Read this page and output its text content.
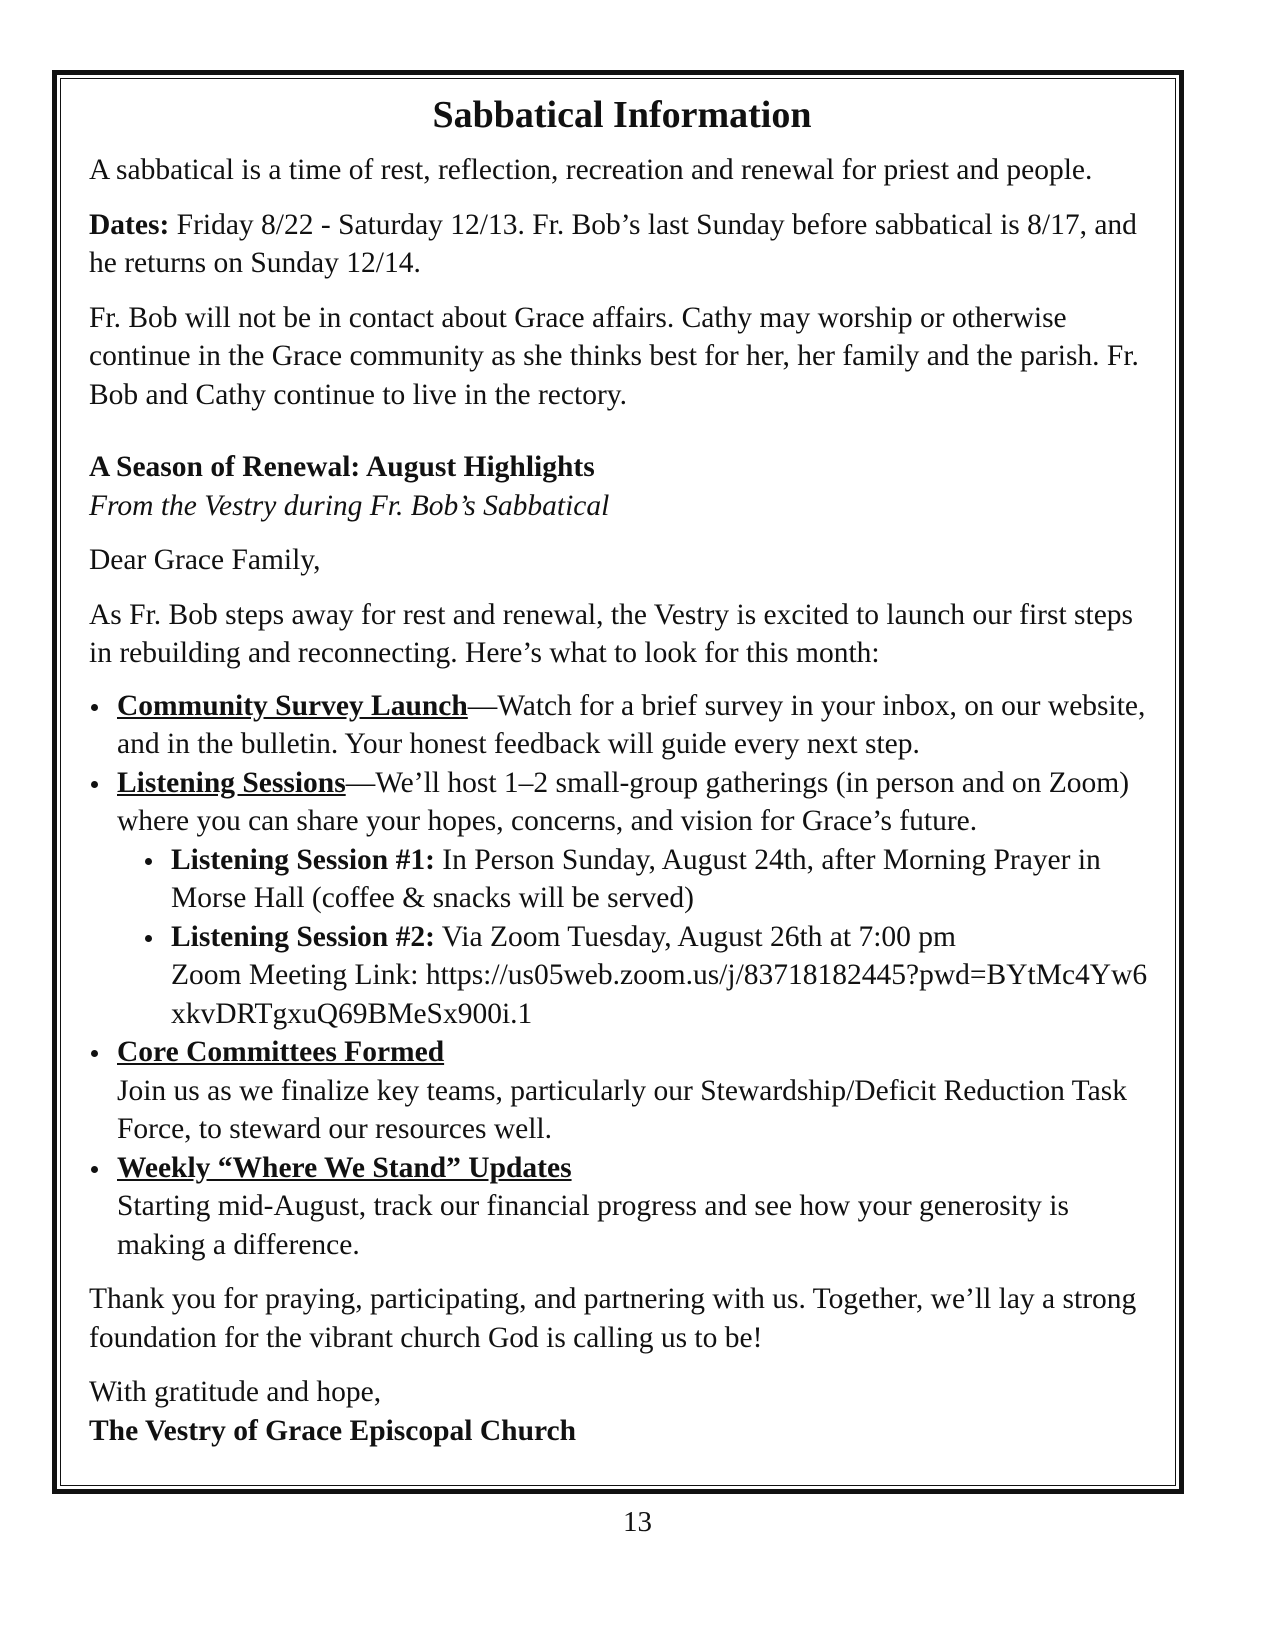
Sabbatical Information

A sabbatical is a time of rest, reflection, recreation and renewal for priest and people.

Dates: Friday 8/22 - Saturday 12/13. Fr. Bob’s last Sunday before sabbatical is 8/17, and he returns on Sunday 12/14.

Fr. Bob will not be in contact about Grace affairs. Cathy may worship or otherwise continue in the Grace community as she thinks best for her, her family and the parish. Fr. Bob and Cathy continue to live in the rectory.

A Season of Renewal: August Highlights

From the Vestry during Fr. Bob’s Sabbatical

Dear Grace Family,

As Fr. Bob steps away for rest and renewal, the Vestry is excited to launch our first steps in rebuilding and reconnecting. Here’s what to look for this month:

Community Survey Launch—Watch for a brief survey in your inbox, on our website, and in the bulletin. Your honest feedback will guide every next step.
Listening Sessions—We’ll host 1–2 small-group gatherings (in person and on Zoom) where you can share your hopes, concerns, and vision for Grace’s future.
Listening Session #1: In Person Sunday, August 24th, after Morning Prayer in Morse Hall (coffee & snacks will be served)
Listening Session #2: Via Zoom Tuesday, August 26th at 7:00 pm
Zoom Meeting Link: https://us05web.zoom.us/j/83718182445?pwd=BYtMc4Yw6xkvDRTgxuQ69BMeSx900i.1
Core Committees Formed
Join us as we finalize key teams, particularly our Stewardship/Deficit Reduction Task Force, to steward our resources well.
Weekly “Where We Stand” Updates
Starting mid-August, track our financial progress and see how your generosity is making a difference.

Thank you for praying, participating, and partnering with us. Together, we’ll lay a strong foundation for the vibrant church God is calling us to be!

With gratitude and hope,

The Vestry of Grace Episcopal Church

13
